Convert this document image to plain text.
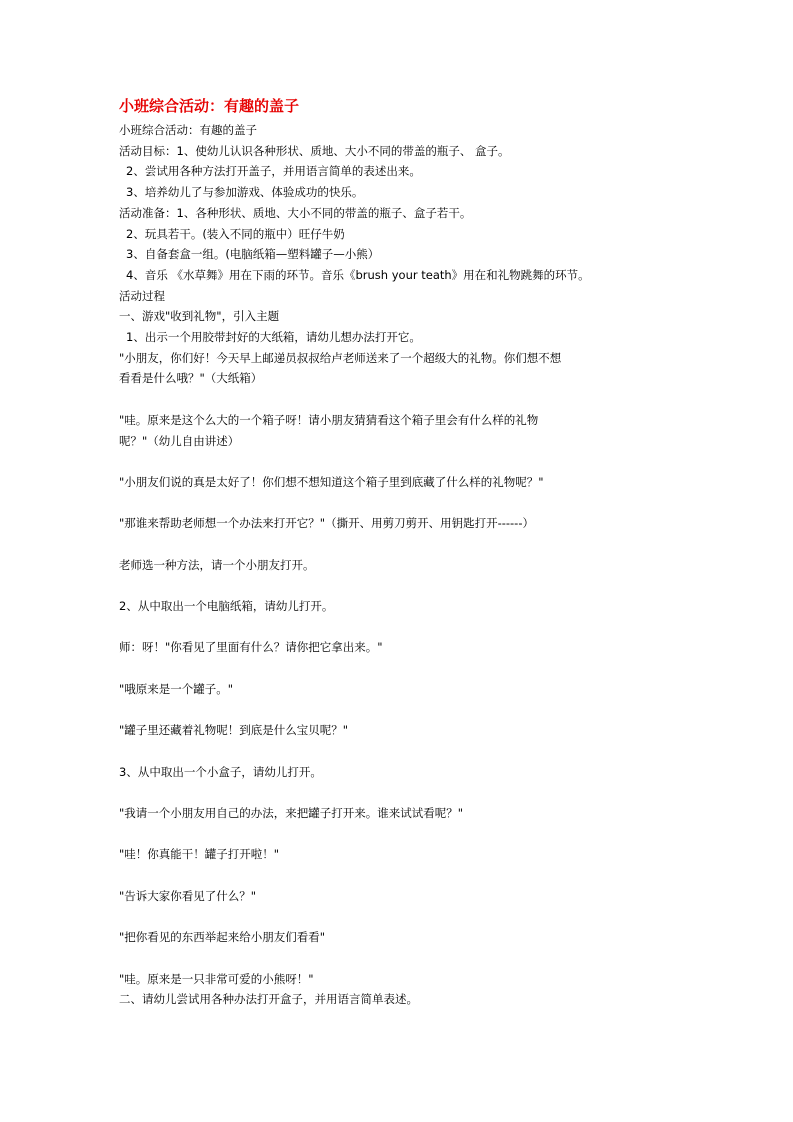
小班综合活动：有趣的盖子

小班综合活动：有趣的盖子

活动目标：1、使幼儿认识各种形状、质地、大小不同的带盖的瓶子、 盒子。

2、尝试用各种方法打开盖子，并用语言简单的表述出来。

3、培养幼儿了与参加游戏、体验成功的快乐。

活动准备：1、各种形状、质地、大小不同的带盖的瓶子、盒子若干。

2、玩具若干。(装入不同的瓶中）旺仔牛奶

3、自备套盒一组。(电脑纸箱—塑料罐子—小熊）

4、音乐 《水草舞》用在下雨的环节。音乐《brush your teath》用在和礼物跳舞的环节。

活动过程

一、游戏"收到礼物"，引入主题

1、出示一个用胶带封好的大纸箱，请幼儿想办法打开它。

"小朋友，你们好！今天早上邮递员叔叔给卢老师送来了一个超级大的礼物。你们想不想

看看是什么哦？"（大纸箱）

"哇。原来是这个么大的一个箱子呀！请小朋友猜猜看这个箱子里会有什么样的礼物

呢？"（幼儿自由讲述）

"小朋友们说的真是太好了！你们想不想知道这个箱子里到底藏了什么样的礼物呢？"

"那谁来帮助老师想一个办法来打开它？"（撕开、用剪刀剪开、用钥匙打开------）

老师选一种方法，请一个小朋友打开。

2、从中取出一个电脑纸箱，请幼儿打开。

师：呀！"你看见了里面有什么？请你把它拿出来。"

"哦原来是一个罐子。"

"罐子里还藏着礼物呢！到底是什么宝贝呢？"

3、从中取出一个小盒子，请幼儿打开。

"我请一个小朋友用自己的办法，来把罐子打开来。谁来试试看呢？"

"哇！你真能干！罐子打开啦！"

"告诉大家你看见了什么？"

"把你看见的东西举起来给小朋友们看看"

"哇。原来是一只非常可爱的小熊呀！"

二、请幼儿尝试用各种办法打开盒子，并用语言简单表述。
